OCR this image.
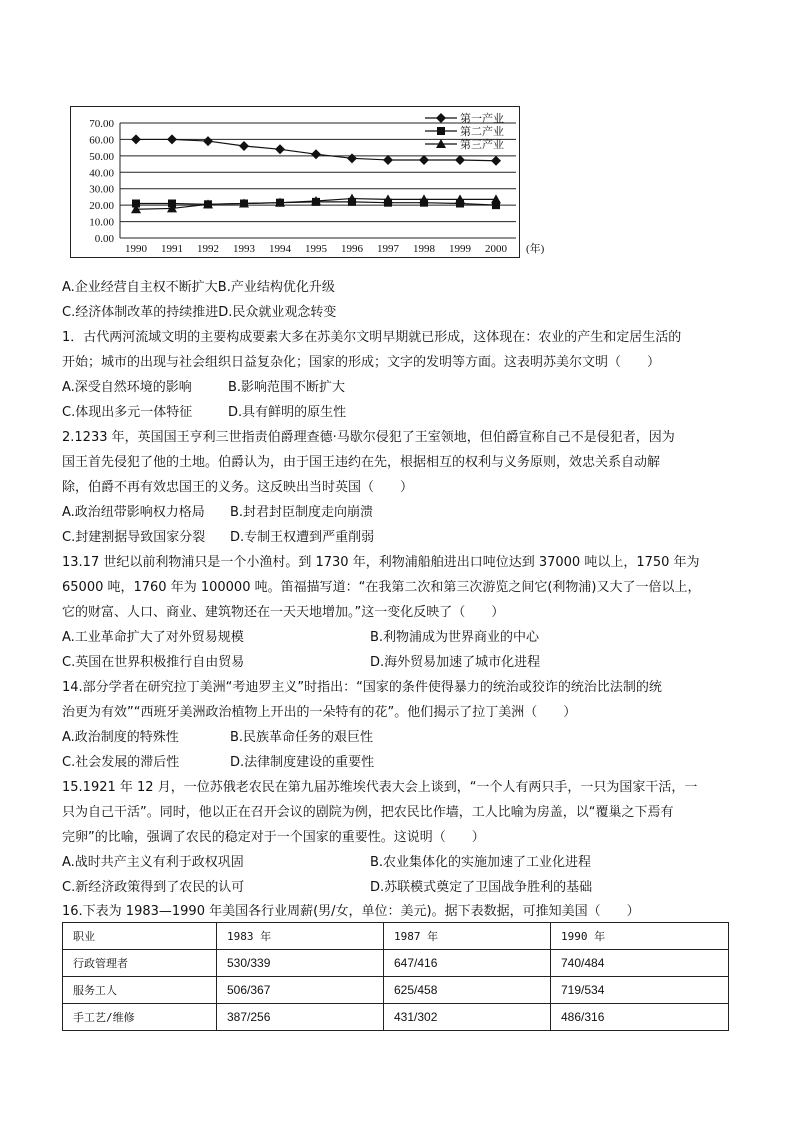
70.00
60.00
50.00
40.00
30.00
20.00
10.00
0.00
1990 1991 1992 1993 1994 1995 1996 1997 1998 1999 2000 (年)
第一产业
第二产业
第三产业
A.企业经营自主权不断扩大B.产业结构优化升级
C.经济体制改革的持续推进D.民众就业观念转变
1．古代两河流域文明的主要构成要素大多在苏美尔文明早期就已形成，这体现在：农业的产生和定居生活的
开始；城市的出现与社会组织日益复杂化；国家的形成；文字的发明等方面。这表明苏美尔文明（　　）
A.深受自然环境的影响	B.影响范围不断扩大
C.体现出多元一体特征	D.具有鲜明的原生性
2.1233 年，英国国王亨利三世指责伯爵理查德·马歇尔侵犯了王室领地，但伯爵宣称自己不是侵犯者，因为
国王首先侵犯了他的土地。伯爵认为，由于国王违约在先，根据相互的权利与义务原则，效忠关系自动解
除，伯爵不再有效忠国王的义务。这反映出当时英国（　　）
A.政治纽带影响权力格局 B.封君封臣制度走向崩溃
C.封建割据导致国家分裂 D.专制王权遭到严重削弱
13.17 世纪以前利物浦只是一个小渔村。到 1730 年，利物浦船舶进出口吨位达到 37000 吨以上，1750 年为
65000 吨，1760 年为 100000 吨。笛福描写道：“在我第二次和第三次游览之间它(利物浦)又大了一倍以上，
它的财富、人口、商业、建筑物还在一天天地增加。”这一变化反映了（　　）
A.工业革命扩大了对外贸易规模	B.利物浦成为世界商业的中心
C.英国在世界积极推行自由贸易	D.海外贸易加速了城市化进程
14.部分学者在研究拉丁美洲“考迪罗主义”时指出：“国家的条件使得暴力的统治或狡诈的统治比法制的统
治更为有效”“西班牙美洲政治植物上开出的一朵特有的花”。他们揭示了拉丁美洲（　　）
A.政治制度的特殊性	B.民族革命任务的艰巨性
C.社会发展的滞后性	D.法律制度建设的重要性
15.1921 年 12 月，一位苏俄老农民在第九届苏维埃代表大会上谈到，“一个人有两只手，一只为国家干活，一
只为自己干活”。同时，他以正在召开会议的剧院为例，把农民比作墙，工人比喻为房盖，以“覆巢之下焉有
完卵”的比喻，强调了农民的稳定对于一个国家的重要性。这说明（　　）
A.战时共产主义有利于政权巩固	B.农业集体化的实施加速了工业化进程
C.新经济政策得到了农民的认可	D.苏联模式奠定了卫国战争胜利的基础
16.下表为 1983—1990 年美国各行业周薪(男/女，单位：美元)。据下表数据，可推知美国（　　）
职业	1983 年	1987 年	1990 年
行政管理者	530/339	647/416	740/484
服务工人	506/367	625/458	719/534
手工艺/维修	387/256	431/302	486/316
